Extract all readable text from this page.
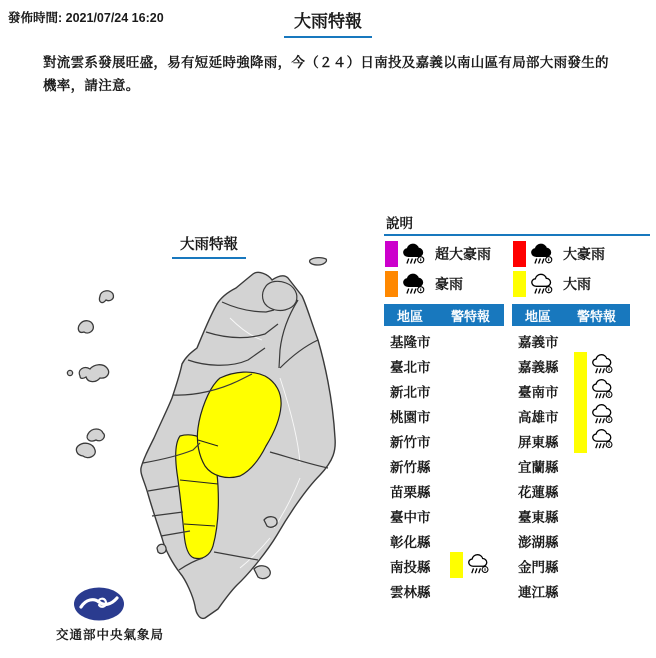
發佈時間: 2021/07/24 16:20	大雨特報
對流雲系發展旺盛，易有短延時強降雨，今（２４）日南投及嘉義以南山區有局部大雨發生的機率，請注意。
大雨特報
交通部中央氣象局
說明
超大豪雨	大豪雨
豪雨	大雨
地區 警特報	地區 警特報
基隆市
臺北市
新北市
桃園市
新竹市
新竹縣
苗栗縣
臺中市
彰化縣
南投縣
雲林縣
嘉義市
嘉義縣
臺南市
高雄市
屏東縣
宜蘭縣
花蓮縣
臺東縣
澎湖縣
金門縣
連江縣
